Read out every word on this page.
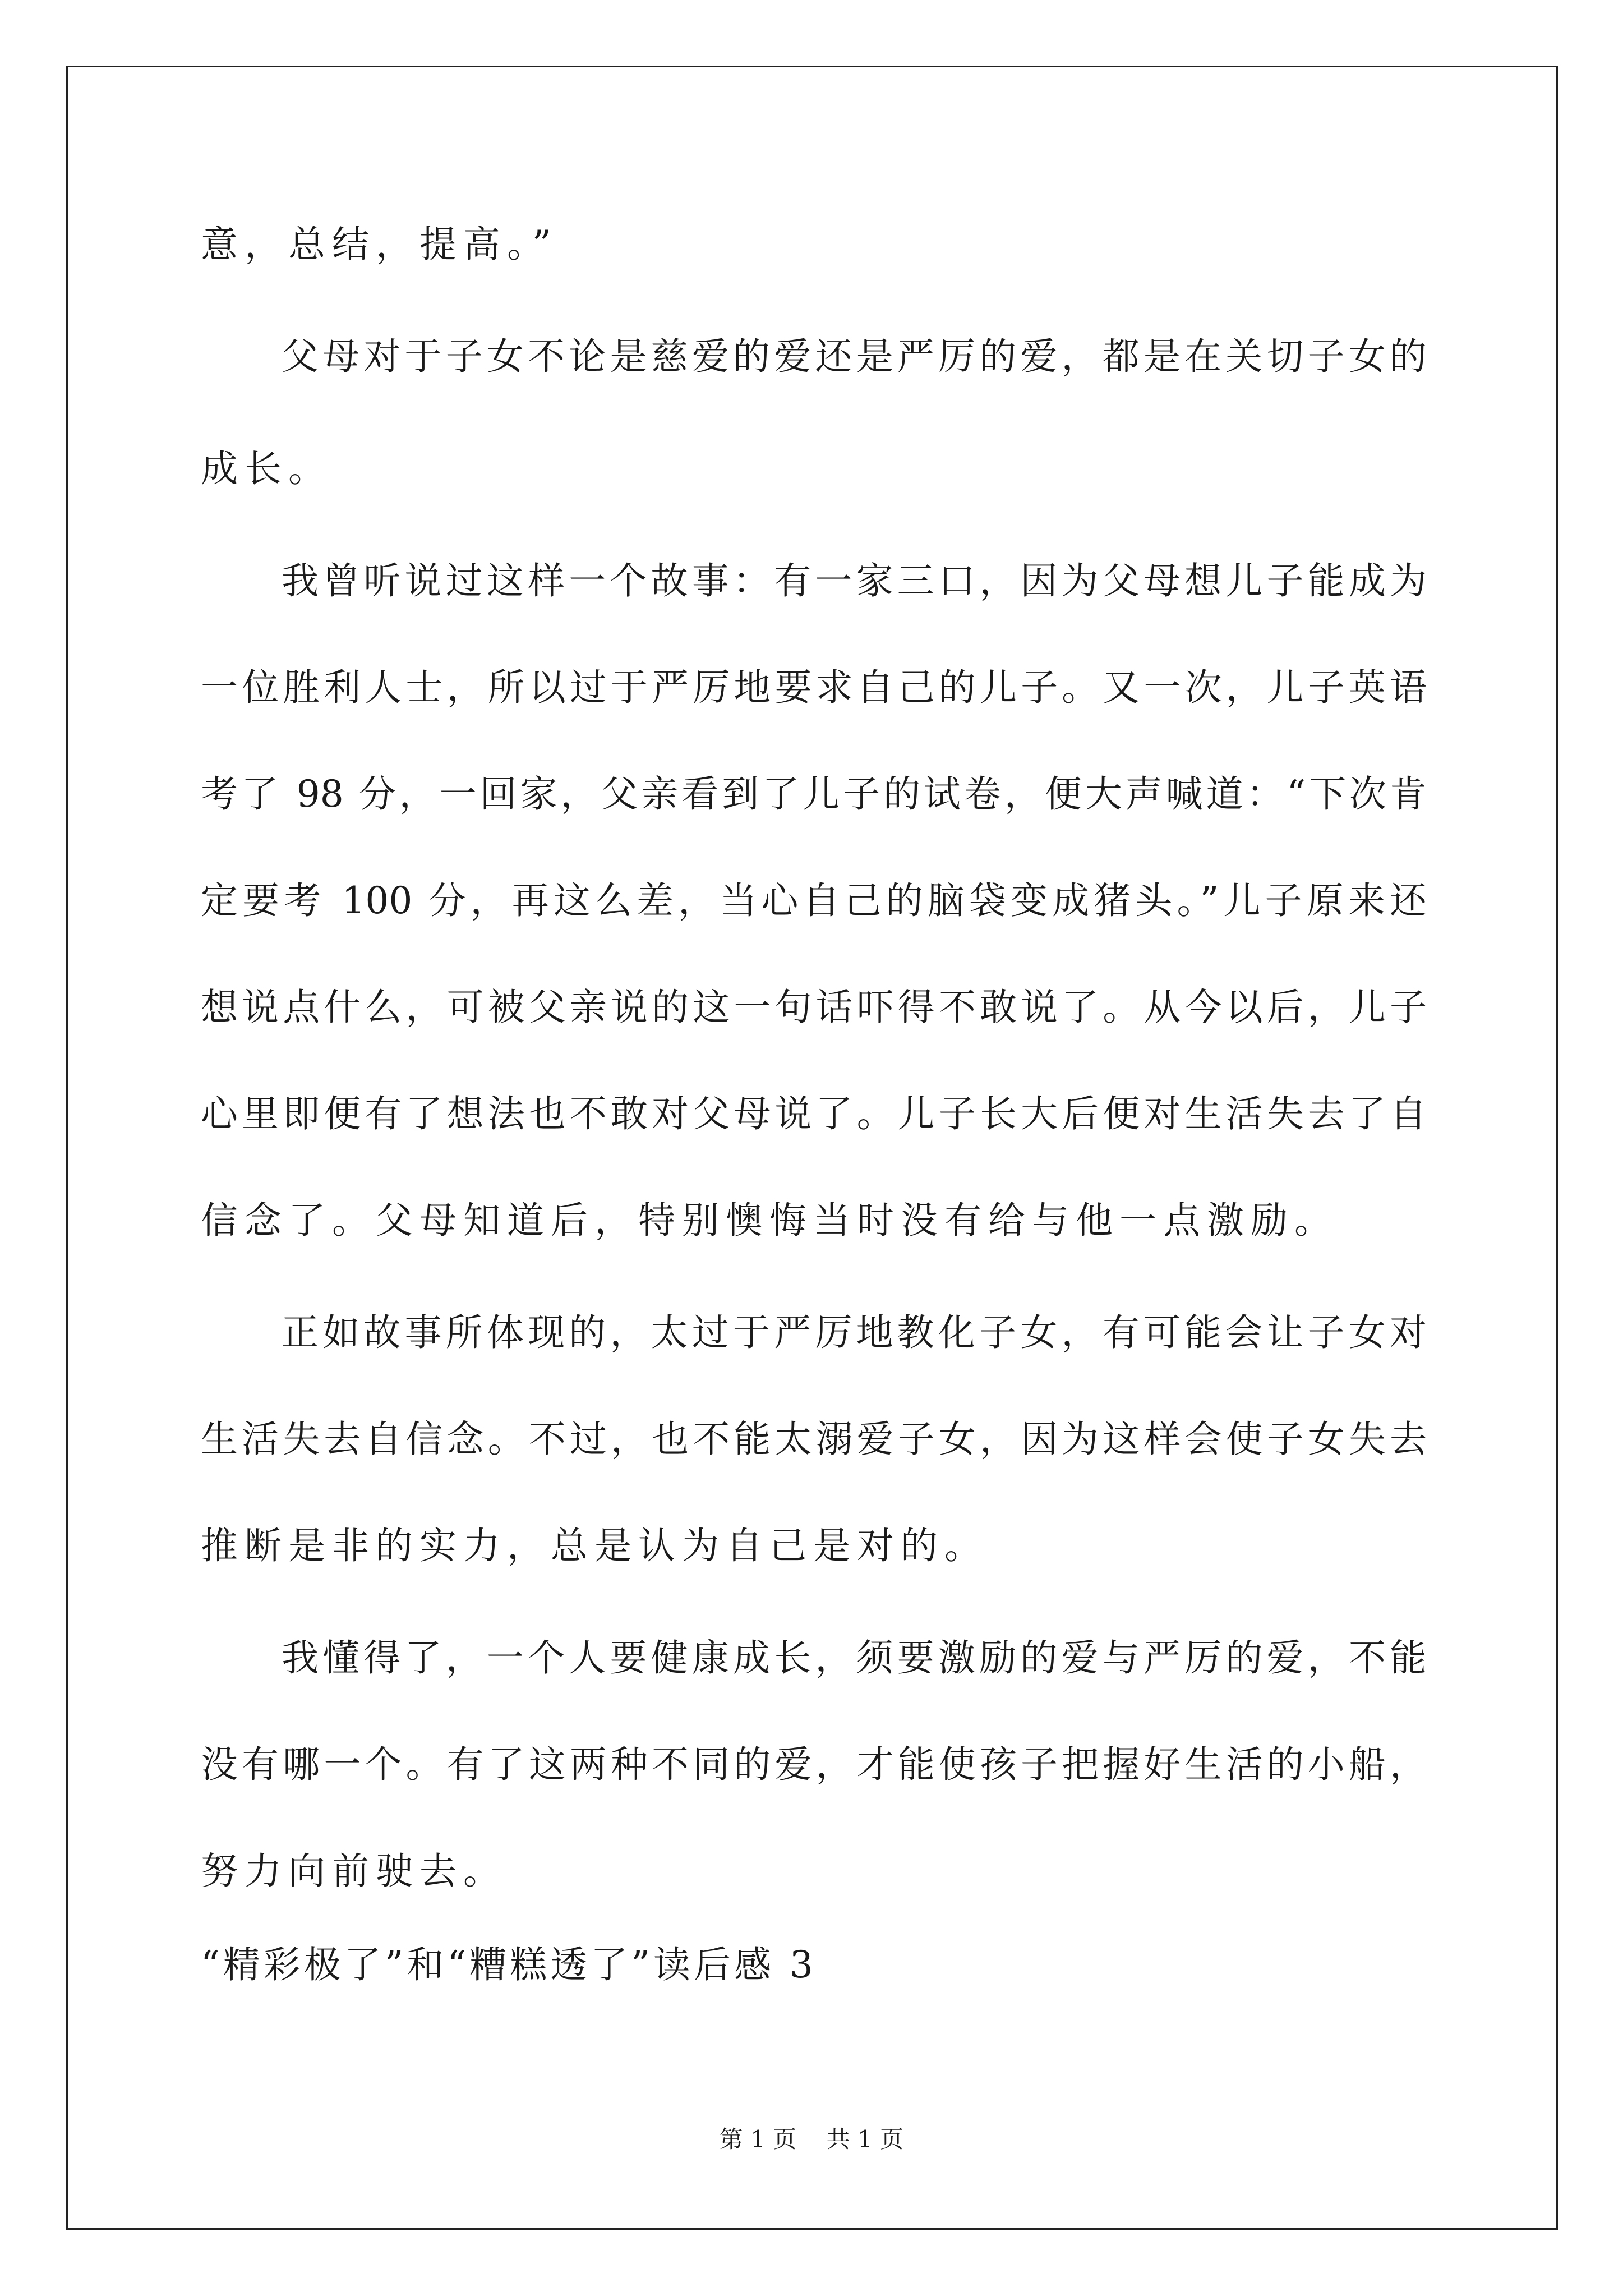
意，总结，提高。”
父母对于子女不论是慈爱的爱还是严厉的爱，都是在关切子女的
成长。
我曾听说过这样一个故事：有一家三口，因为父母想儿子能成为
一位胜利人士，所以过于严厉地要求自己的儿子。又一次，儿子英语
考了 98 分，一回家，父亲看到了儿子的试卷，便大声喊道：“下次肯
定要考 100 分，再这么差，当心自己的脑袋变成猪头。”儿子原来还
想说点什么，可被父亲说的这一句话吓得不敢说了。从今以后，儿子
心里即便有了想法也不敢对父母说了。儿子长大后便对生活失去了自
信念了。父母知道后，特别懊悔当时没有给与他一点激励。
正如故事所体现的，太过于严厉地教化子女，有可能会让子女对
生活失去自信念。不过，也不能太溺爱子女，因为这样会使子女失去
推断是非的实力，总是认为自己是对的。
我懂得了，一个人要健康成长，须要激励的爱与严厉的爱，不能
没有哪一个。有了这两种不同的爱，才能使孩子把握好生活的小船，
努力向前驶去。
“精彩极了”和“糟糕透了”读后感 3
第 1 页    共 1 页
